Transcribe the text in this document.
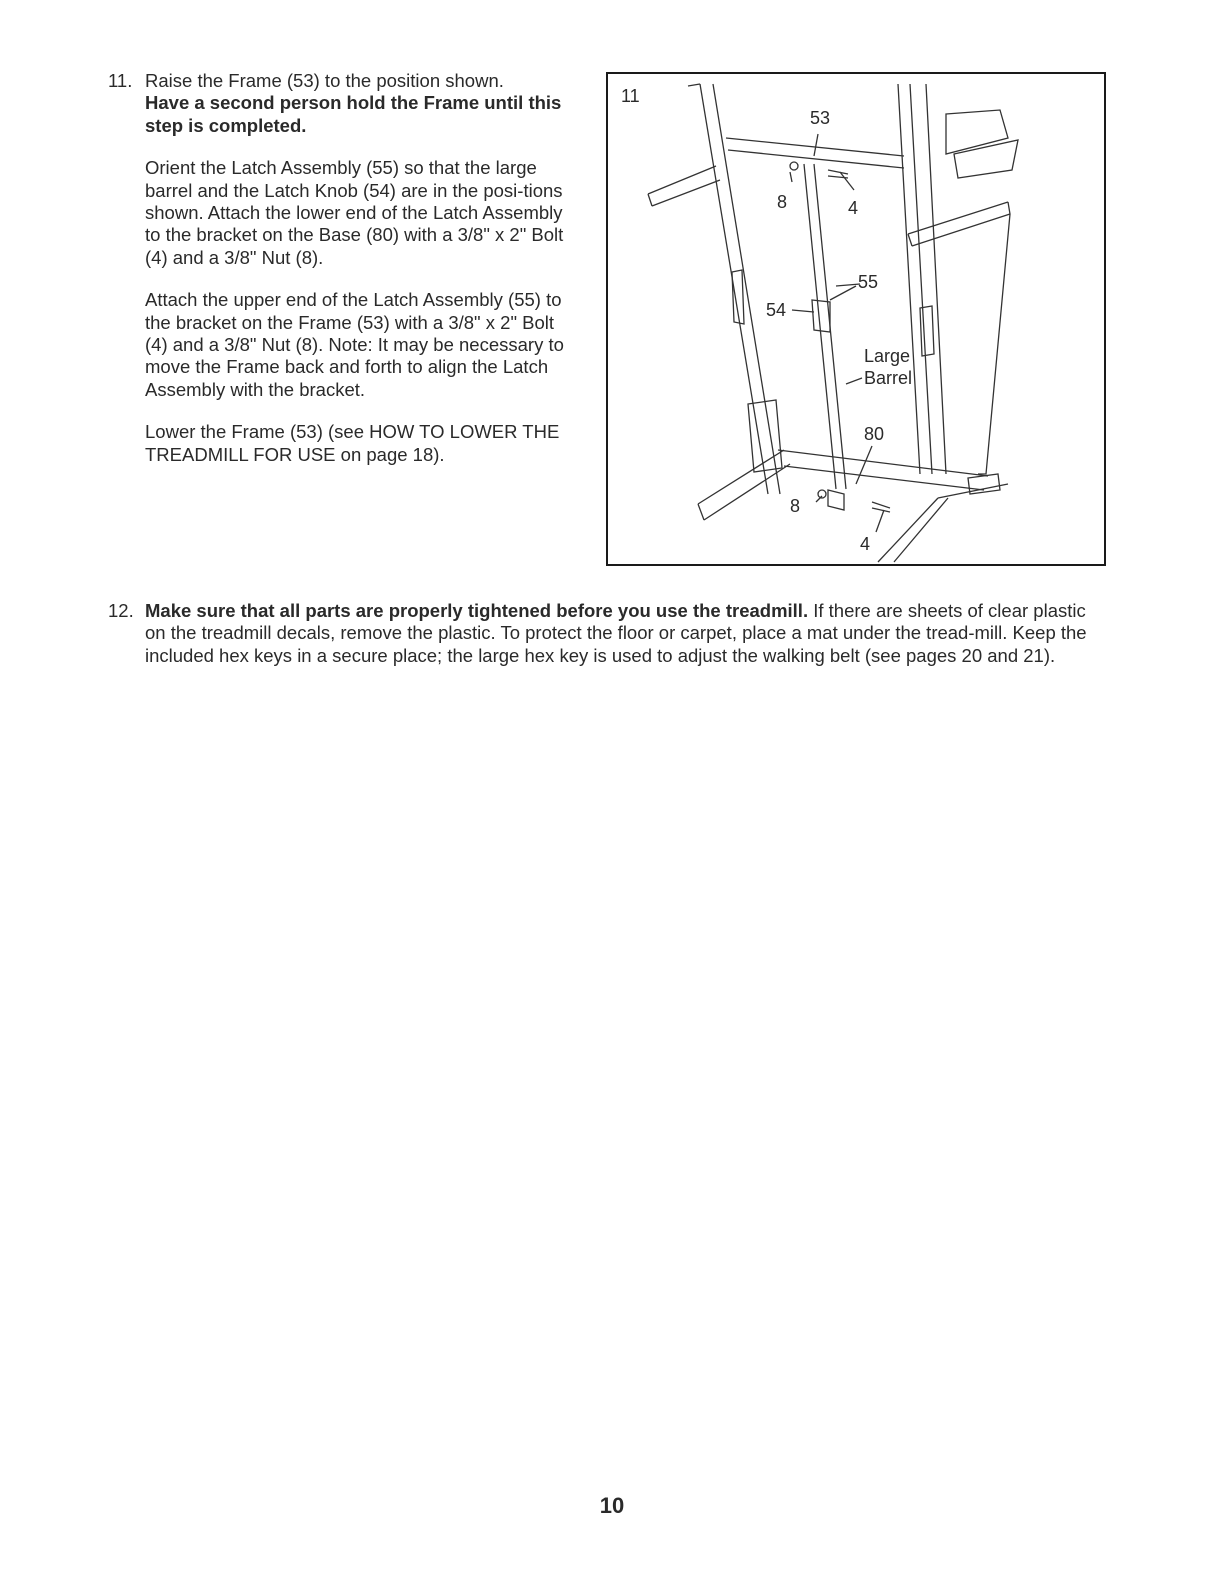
11. Raise the Frame (53) to the position shown.

Have a second person hold the Frame until this step is completed.

Orient the Latch Assembly (55) so that the large barrel and the Latch Knob (54) are in the posi-tions shown. Attach the lower end of the Latch Assembly to the bracket on the Base (80) with a 3/8" x 2" Bolt (4) and a 3/8" Nut (8).

Attach the upper end of the Latch Assembly (55) to the bracket on the Frame (53) with a 3/8" x 2" Bolt (4) and a 3/8" Nut (8). Note: It may be necessary to move the Frame back and forth to align the Latch Assembly with the bracket.

Lower the Frame (53) (see HOW TO LOWER THE TREADMILL FOR USE on page 18).

11
53
8	4
55
54
Large
Barrel
80
8
4
12. Make sure that all parts are properly tightened before you use the treadmill. If there are sheets of clear plastic on the treadmill decals, remove the plastic. To protect the floor or carpet, place a mat under the tread-mill. Keep the included hex keys in a secure place; the large hex key is used to adjust the walking belt (see pages 20 and 21).

10
